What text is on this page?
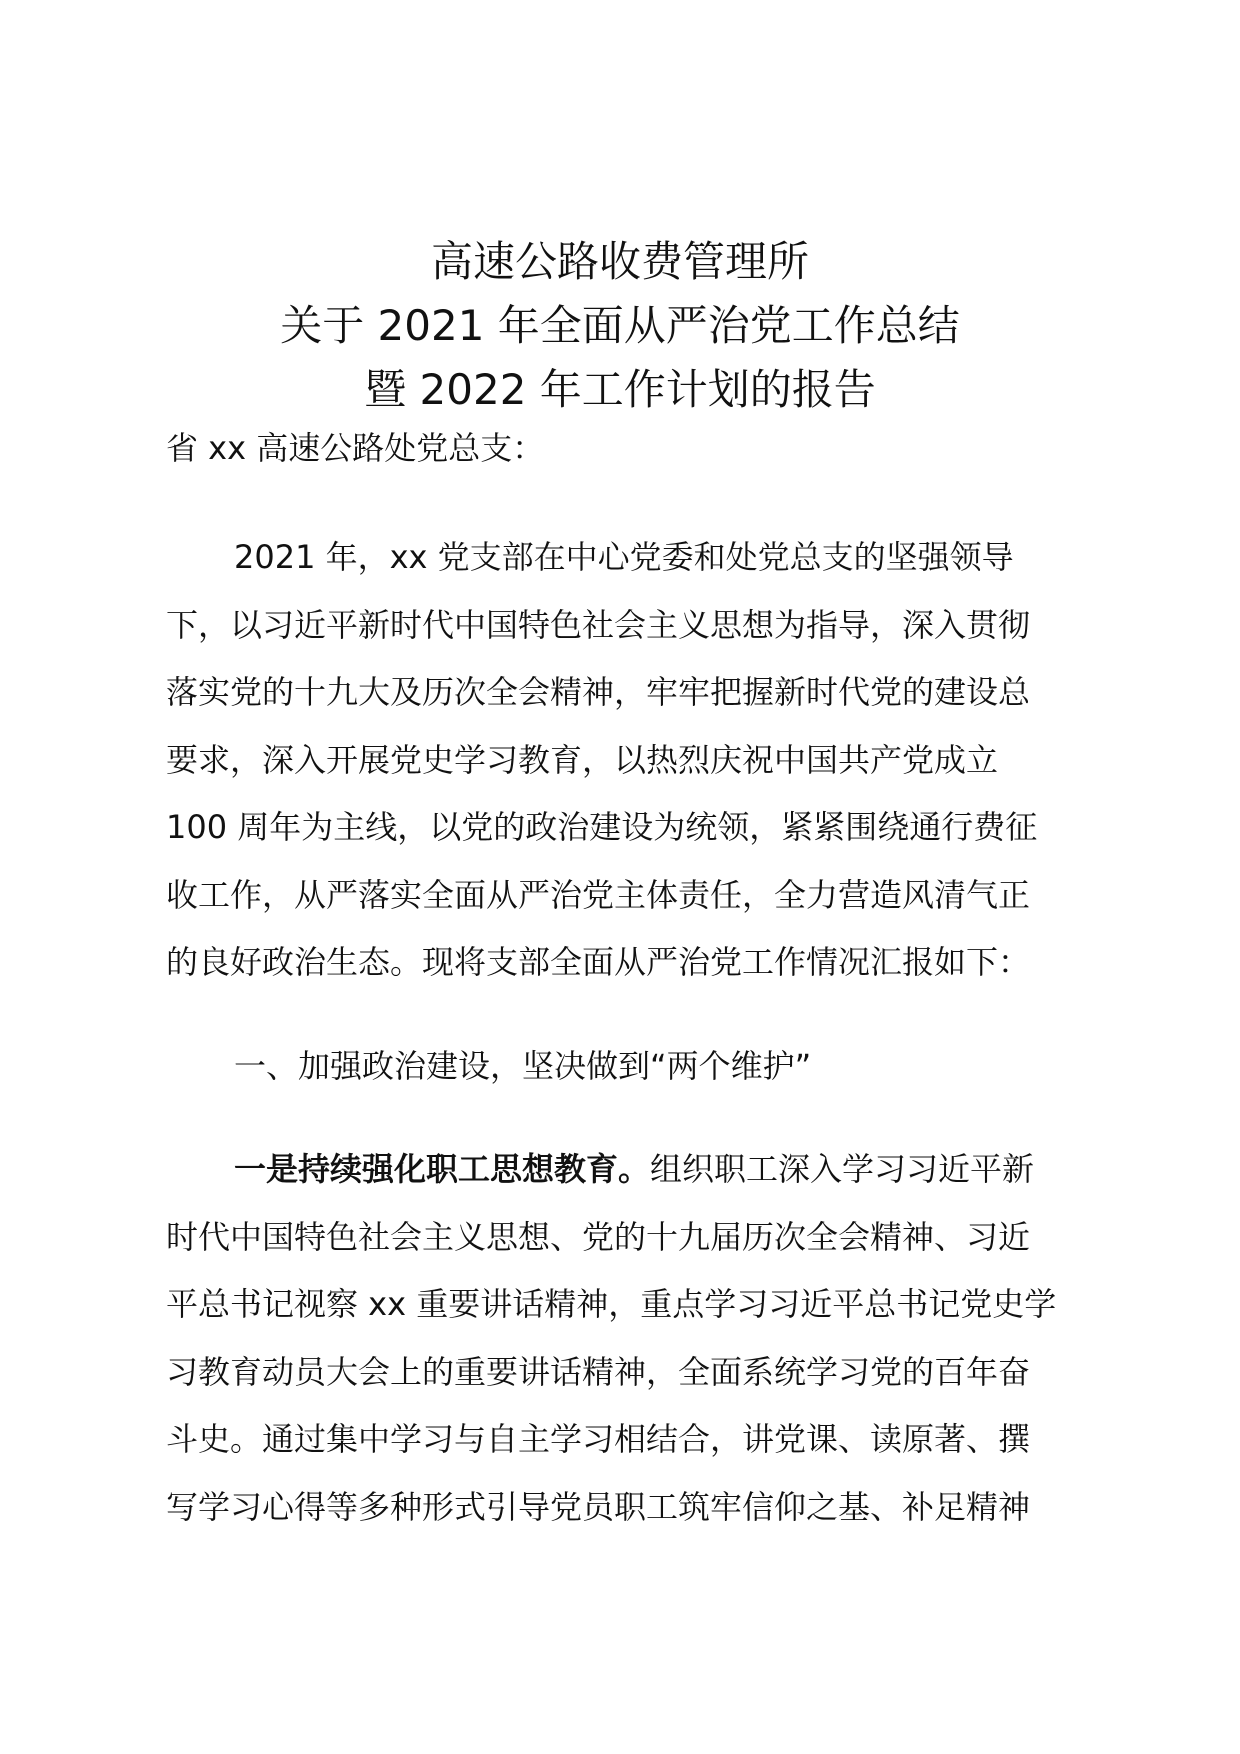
高速公路收费管理所
关于 2021 年全面从严治党工作总结
暨 2022 年工作计划的报告
省 xx 高速公路处党总支：
2021 年，xx 党支部在中心党委和处党总支的坚强领导
下，以习近平新时代中国特色社会主义思想为指导，深入贯彻
落实党的十九大及历次全会精神，牢牢把握新时代党的建设总
要求，深入开展党史学习教育，以热烈庆祝中国共产党成立
100 周年为主线，以党的政治建设为统领，紧紧围绕通行费征
收工作，从严落实全面从严治党主体责任，全力营造风清气正
的良好政治生态。现将支部全面从严治党工作情况汇报如下：
一、加强政治建设，坚决做到“两个维护”
一是持续强化职工思想教育。组织职工深入学习习近平新
时代中国特色社会主义思想、党的十九届历次全会精神、习近
平总书记视察 xx 重要讲话精神，重点学习习近平总书记党史学
习教育动员大会上的重要讲话精神，全面系统学习党的百年奋
斗史。通过集中学习与自主学习相结合，讲党课、读原著、撰
写学习心得等多种形式引导党员职工筑牢信仰之基、补足精神
